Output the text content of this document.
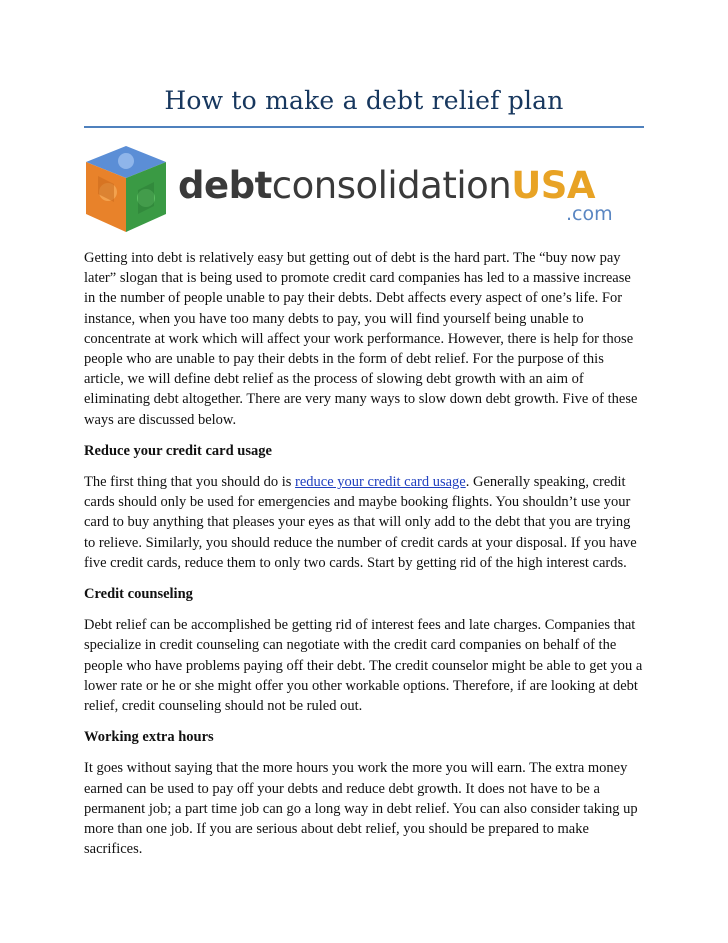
How to make a debt relief plan
debtconsolidationUSA
.com

Getting into debt is relatively easy but getting out of debt is the hard part. The “buy now pay later” slogan that is being used to promote credit card companies has led to a massive increase in the number of people unable to pay their debts. Debt affects every aspect of one’s life. For instance, when you have too many debts to pay, you will find yourself being unable to concentrate at work which will affect your work performance. However, there is help for those people who are unable to pay their debts in the form of debt relief. For the purpose of this article, we will define debt relief as the process of slowing debt growth with an aim of eliminating debt altogether. There are very many ways to slow down debt growth. Five of these ways are discussed below.

Reduce your credit card usage

The first thing that you should do is reduce your credit card usage. Generally speaking, credit cards should only be used for emergencies and maybe booking flights. You shouldn’t use your card to buy anything that pleases your eyes as that will only add to the debt that you are trying to relieve. Similarly, you should reduce the number of credit cards at your disposal. If you have five credit cards, reduce them to only two cards. Start by getting rid of the high interest cards.

Credit counseling

Debt relief can be accomplished be getting rid of interest fees and late charges. Companies that specialize in credit counseling can negotiate with the credit card companies on behalf of the people who have problems paying off their debt. The credit counselor might be able to get you a lower rate or he or she might offer you other workable options. Therefore, if are looking at debt relief, credit counseling should not be ruled out.

Working extra hours

It goes without saying that the more hours you work the more you will earn. The extra money earned can be used to pay off your debts and reduce debt growth. It does not have to be a permanent job; a part time job can go a long way in debt relief. You can also consider taking up more than one job. If you are serious about debt relief, you should be prepared to make sacrifices.
